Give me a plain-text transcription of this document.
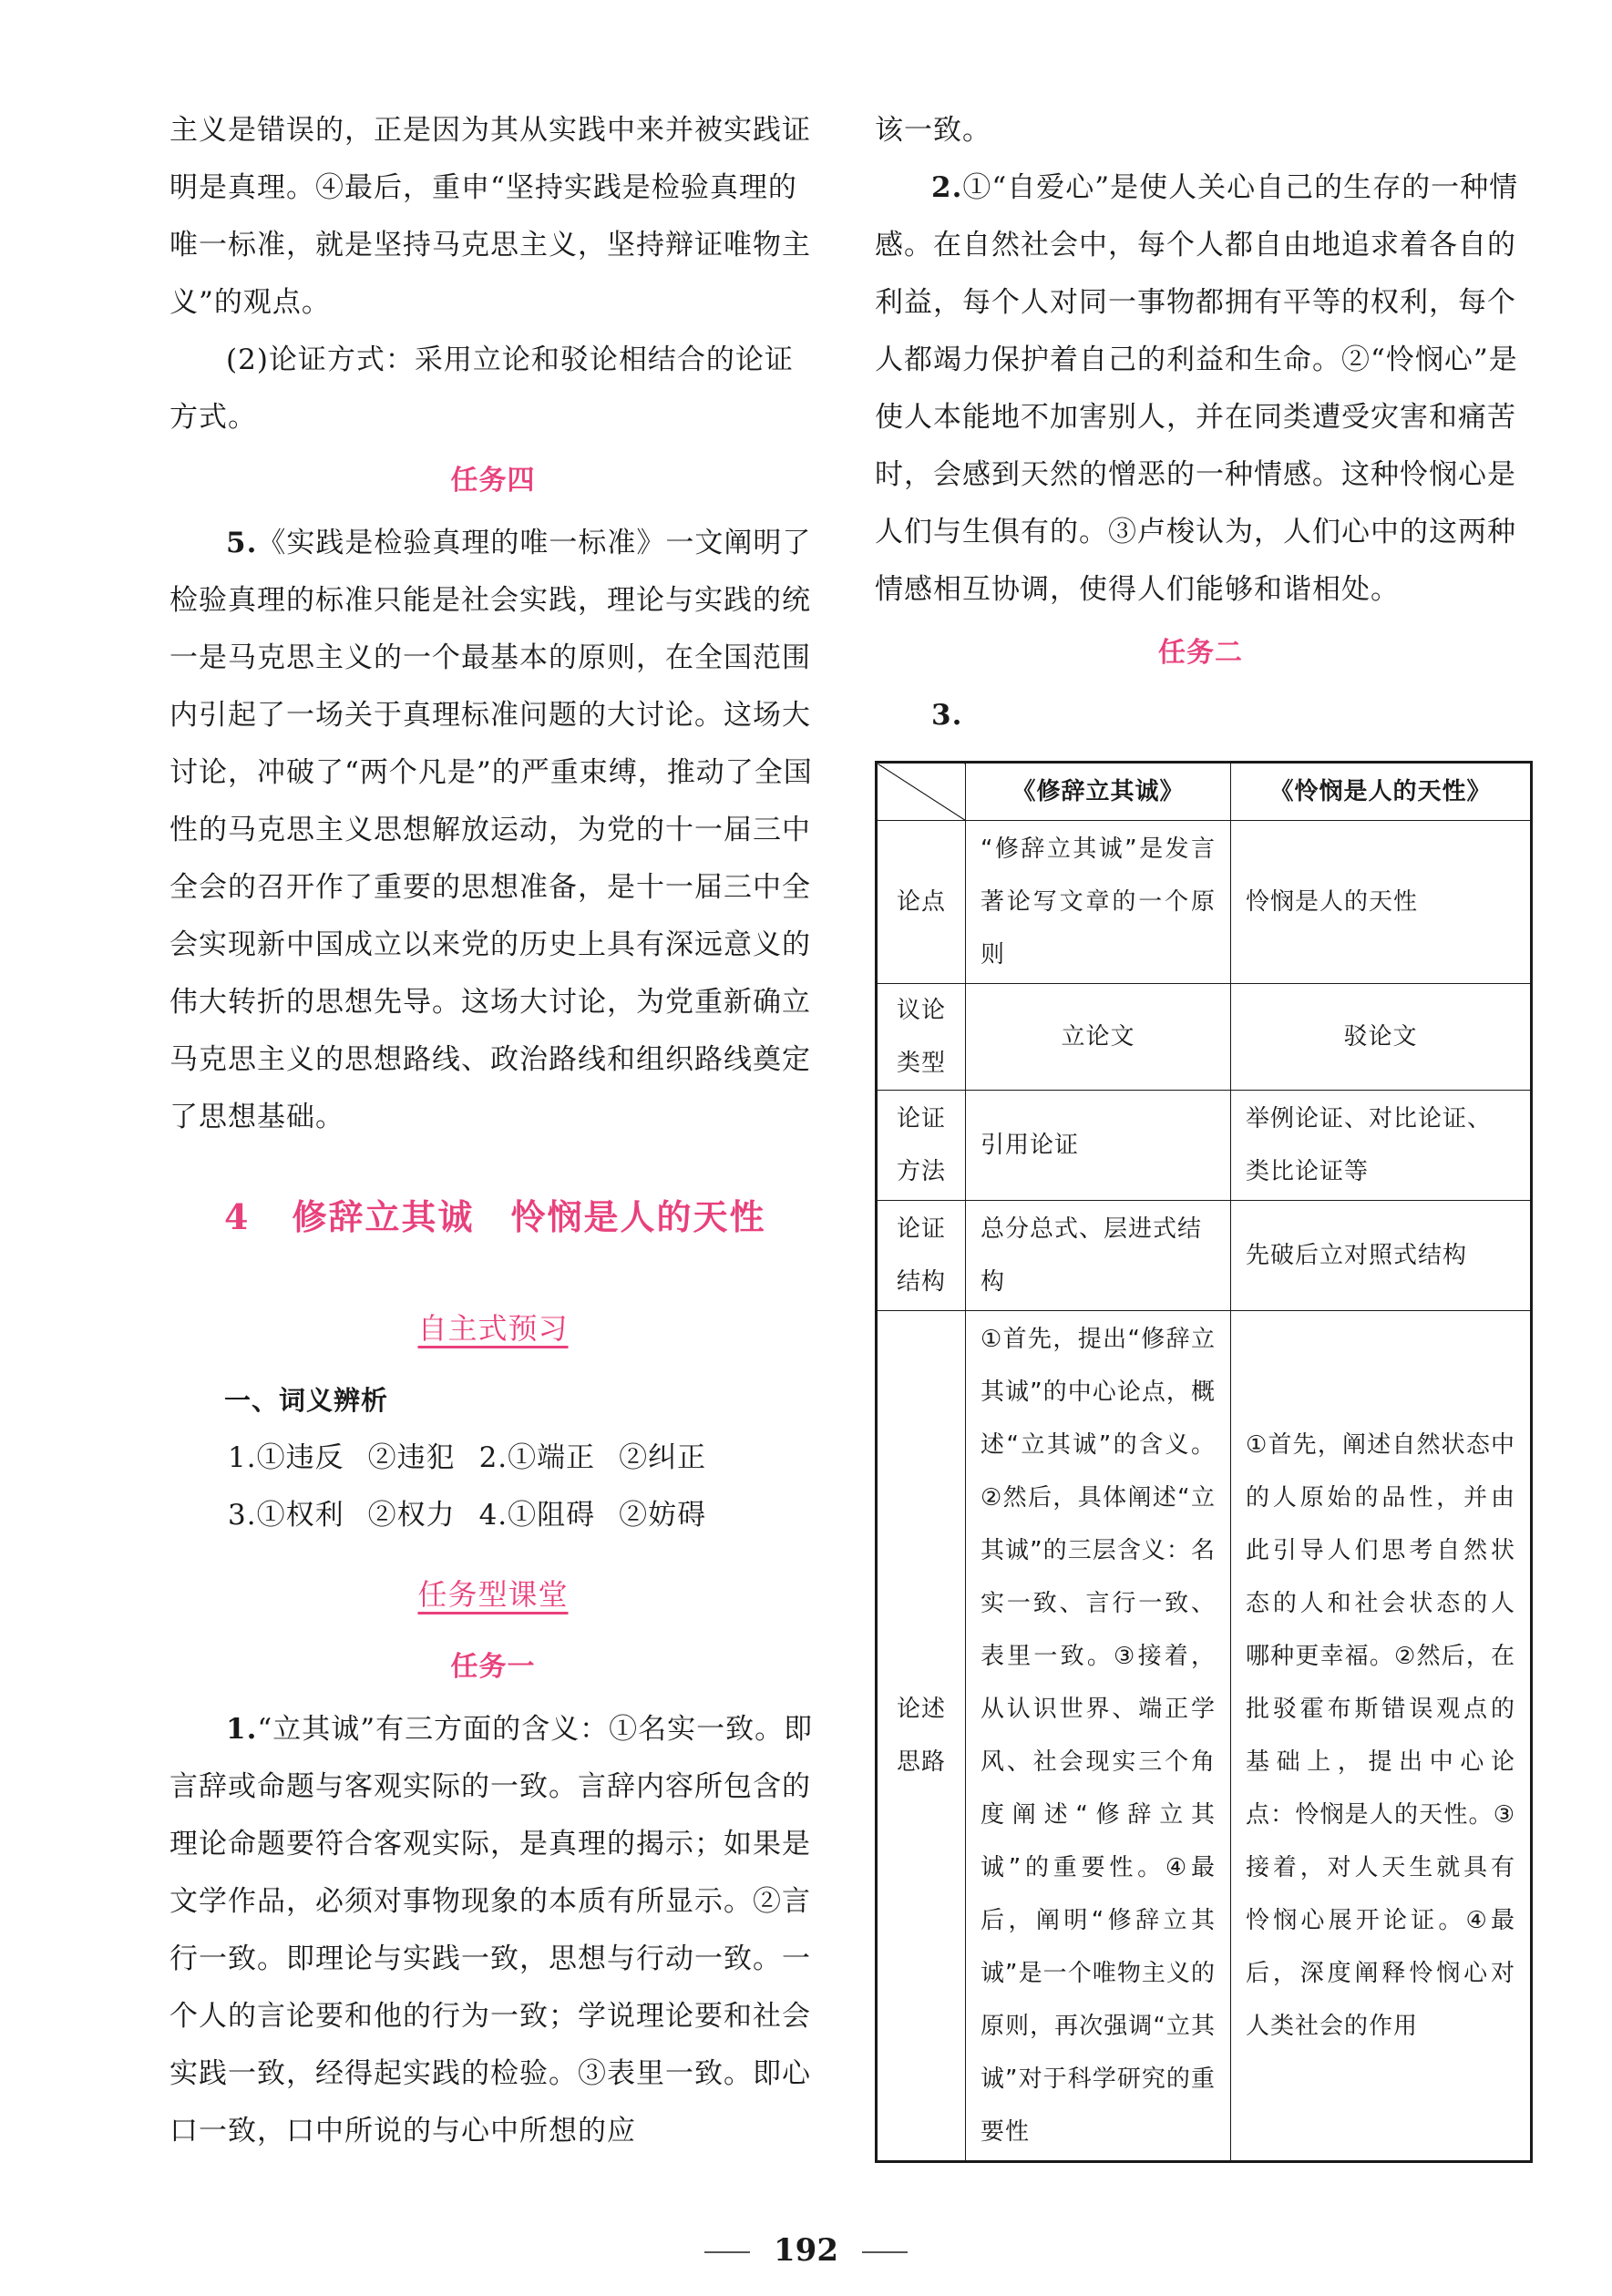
主义是错误的，正是因为其从实践中来并被实践证明是真理。④最后，重申“坚持实践是检验真理的唯一标准，就是坚持马克思主义，坚持辩证唯物主义”的观点。

(2)论证方式：采用立论和驳论相结合的论证方式。

任务四

5.《实践是检验真理的唯一标准》一文阐明了检验真理的标准只能是社会实践，理论与实践的统一是马克思主义的一个最基本的原则，在全国范围内引起了一场关于真理标准问题的大讨论。这场大讨论，冲破了“两个凡是”的严重束缚，推动了全国性的马克思主义思想解放运动，为党的十一届三中全会的召开作了重要的思想准备，是十一届三中全会实现新中国成立以来党的历史上具有深远意义的伟大转折的思想先导。这场大讨论，为党重新确立马克思主义的思想路线、政治路线和组织路线奠定了思想基础。

4 修辞立其诚 怜悯是人的天性
自主式预习
一、词义辨析
1.①违反 ②违犯 2.①端正 ②纠正
3.①权利 ②权力 4.①阻碍 ②妨碍
任务型课堂
任务一

1.“立其诚”有三方面的含义：①名实一致。即言辞或命题与客观实际的一致。言辞内容所包含的理论命题要符合客观实际，是真理的揭示；如果是文学作品，必须对事物现象的本质有所显示。②言行一致。即理论与实践一致，思想与行动一致。一个人的言论要和他的行为一致；学说理论要和社会实践一致，经得起实践的检验。③表里一致。即心口一致，口中所说的与心中所想的应

该一致。

2.①“自爱心”是使人关心自己的生存的一种情感。在自然社会中，每个人都自由地追求着各自的利益，每个人对同一事物都拥有平等的权利，每个人都竭力保护着自己的利益和生命。②“怜悯心”是使人本能地不加害别人，并在同类遭受灾害和痛苦时，会感到天然的憎恶的一种情感。这种怜悯心是人们与生俱有的。③卢梭认为，人们心中的这两种情感相互协调，使得人们能够和谐相处。

任务二

3.

	《修辞立其诚》	《怜悯是人的天性》
论点	“修辞立其诚”是发言著论写文章的一个原则	怜悯是人的天性
议论类型	立论文	驳论文
论证方法	引用论证	举例论证、对比论证、类比论证等
论证结构	总分总式、层进式结构	先破后立对照式结构
论述思路	①首先，提出“修辞立其诚”的中心论点，概述“立其诚”的含义。②然后，具体阐述“立其诚”的三层含义：名实一致、言行一致、表里一致。③接着，从认识世界、端正学风、社会现实三个角度阐述“修辞立其诚”的重要性。④最后，阐明“修辞立其诚”是一个唯物主义的原则，再次强调“立其诚”对于科学研究的重要性	①首先，阐述自然状态中的人原始的品性，并由此引导人们思考自然状态的人和社会状态的人哪种更幸福。②然后，在批驳霍布斯错误观点的基础上，提出中心论点：怜悯是人的天性。③接着，对人天生就具有怜悯心展开论证。④最后，深度阐释怜悯心对人类社会的作用
192
